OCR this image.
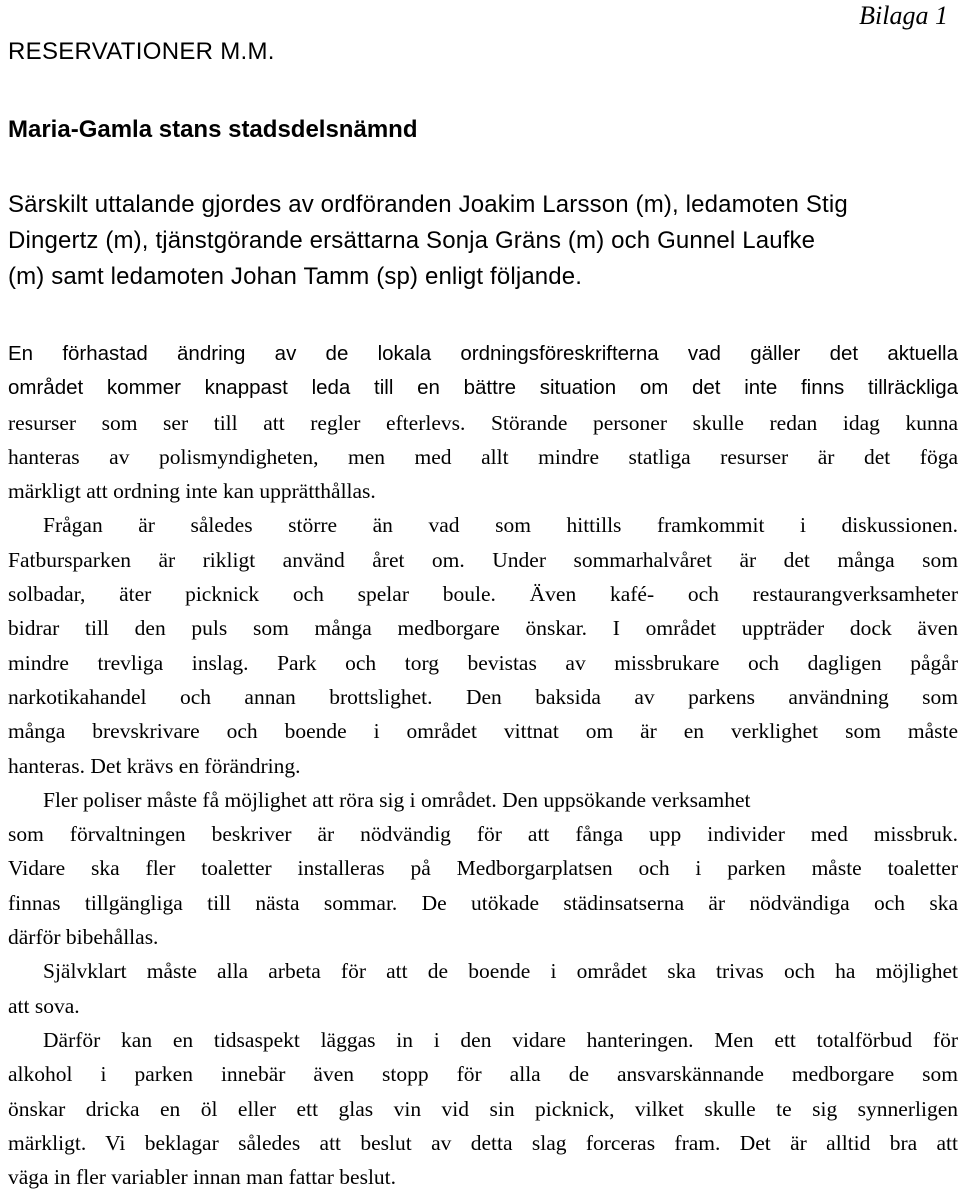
Bilaga 1
RESERVATIONER M.M.
Maria-Gamla stans stadsdelsnämnd
Särskilt uttalande gjordes av ordföranden Joakim Larsson (m), ledamoten Stig
Dingertz (m), tjänstgörande ersättarna Sonja Gräns (m) och Gunnel Laufke
(m) samt ledamoten Johan Tamm (sp) enligt följande.
En förhastad ändring av de lokala ordningsföreskrifterna vad gäller det aktuella
området kommer knappast leda till en bättre situation om det inte finns tillräckliga
resurser som ser till att regler efterlevs. Störande personer skulle redan idag kunna
hanteras av polismyndigheten, men med allt mindre statliga resurser är det föga
märkligt att ordning inte kan upprätthållas.
Frågan är således större än vad som hittills framkommit i diskussionen.
Fatbursparken är rikligt använd året om. Under sommarhalvåret är det många som
solbadar, äter picknick och spelar boule. Även kafé- och restaurangverksamheter
bidrar till den puls som många medborgare önskar. I området uppträder dock även
mindre trevliga inslag. Park och torg bevistas av missbrukare och dagligen pågår
narkotikahandel och annan brottslighet. Den baksida av parkens användning som
många brevskrivare och boende i området vittnat om är en verklighet som måste
hanteras. Det krävs en förändring.
Fler poliser måste få möjlighet att röra sig i området. Den uppsökande verksamhet
som förvaltningen beskriver är nödvändig för att fånga upp individer med missbruk.
Vidare ska fler toaletter installeras på Medborgarplatsen och i parken måste toaletter
finnas tillgängliga till nästa sommar. De utökade städinsatserna är nödvändiga och ska
därför bibehållas.
Självklart måste alla arbeta för att de boende i området ska trivas och ha möjlighet
att sova.
Därför kan en tidsaspekt läggas in i den vidare hanteringen. Men ett totalförbud för
alkohol i parken innebär även stopp för alla de ansvarskännande medborgare som
önskar dricka en öl eller ett glas vin vid sin picknick, vilket skulle te sig synnerligen
märkligt. Vi beklagar således att beslut av detta slag forceras fram. Det är alltid bra att
väga in fler variabler innan man fattar beslut.
